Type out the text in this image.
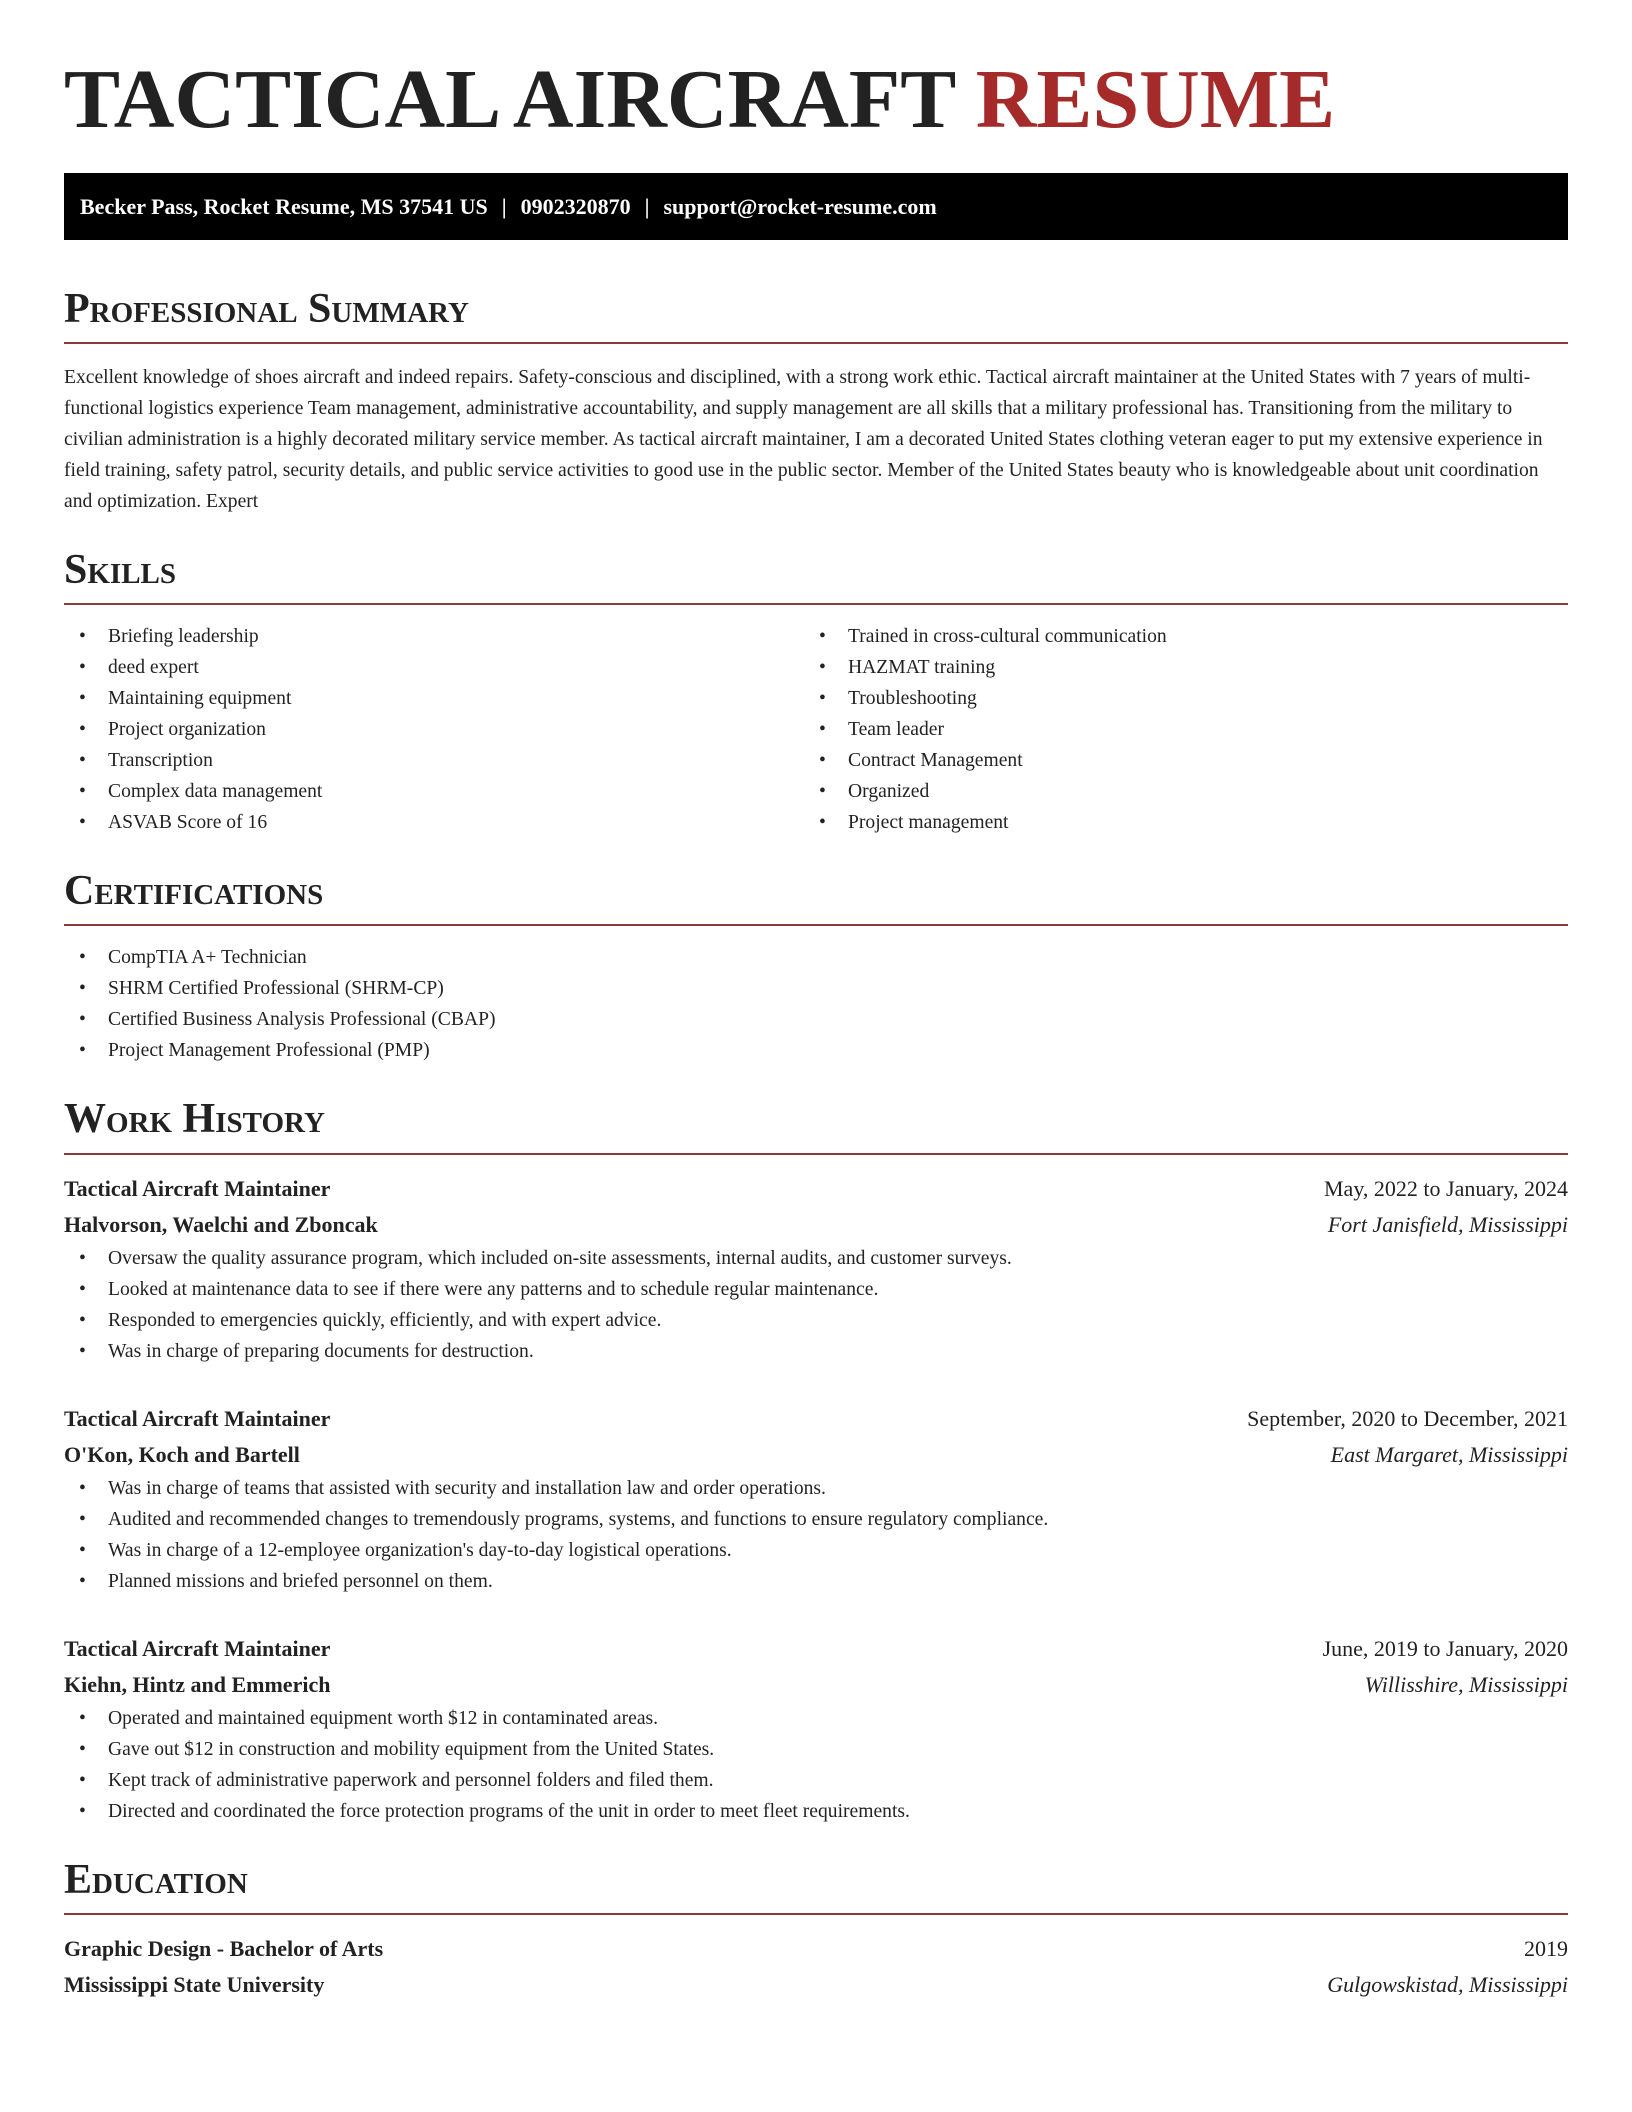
TACTICAL AIRCRAFT RESUME
Becker Pass, Rocket Resume, MS 37541 US | 0902320870 | support@rocket-resume.com
Professional Summary

Excellent knowledge of shoes aircraft and indeed repairs. Safety-conscious and disciplined, with a strong work ethic. Tactical aircraft maintainer at the United States with 7 years of multi-functional logistics experience Team management, administrative accountability, and supply management are all skills that a military professional has. Transitioning from the military to civilian administration is a highly decorated military service member. As tactical aircraft maintainer, I am a decorated United States clothing veteran eager to put my extensive experience in field training, safety patrol, security details, and public service activities to good use in the public sector. Member of the United States beauty who is knowledgeable about unit coordination and optimization. Expert

Skills
• Briefing leadership
• deed expert
• Maintaining equipment
• Project organization
• Transcription
• Complex data management
• ASVAB Score of 16
• Trained in cross-cultural communication
• HAZMAT training
• Troubleshooting
• Team leader
• Contract Management
• Organized
• Project management
Certifications
• CompTIA A+ Technician
• SHRM Certified Professional (SHRM-CP)
• Certified Business Analysis Professional (CBAP)
• Project Management Professional (PMP)
Work History
Tactical Aircraft Maintainer	May, 2022 to January, 2024
Halvorson, Waelchi and Zboncak	Fort Janisfield, Mississippi
• Oversaw the quality assurance program, which included on-site assessments, internal audits, and customer surveys.
• Looked at maintenance data to see if there were any patterns and to schedule regular maintenance.
• Responded to emergencies quickly, efficiently, and with expert advice.
• Was in charge of preparing documents for destruction.
Tactical Aircraft Maintainer	September, 2020 to December, 2021
O'Kon, Koch and Bartell	East Margaret, Mississippi
• Was in charge of teams that assisted with security and installation law and order operations.
• Audited and recommended changes to tremendously programs, systems, and functions to ensure regulatory compliance.
• Was in charge of a 12-employee organization's day-to-day logistical operations.
• Planned missions and briefed personnel on them.
Tactical Aircraft Maintainer	June, 2019 to January, 2020
Kiehn, Hintz and Emmerich	Willisshire, Mississippi
• Operated and maintained equipment worth $12 in contaminated areas.
• Gave out $12 in construction and mobility equipment from the United States.
• Kept track of administrative paperwork and personnel folders and filed them.
• Directed and coordinated the force protection programs of the unit in order to meet fleet requirements.
Education
Graphic Design - Bachelor of Arts	2019
Mississippi State University	Gulgowskistad, Mississippi
